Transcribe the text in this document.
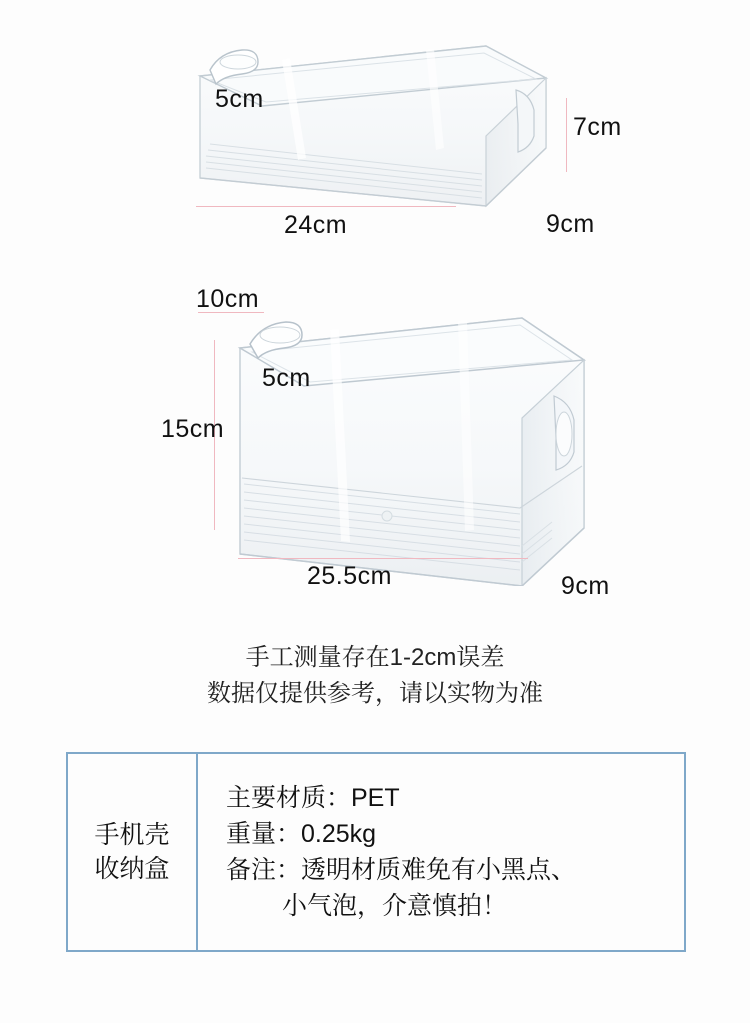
5cm
7cm
24cm	9cm
10cm
5cm
15cm
25.5cm	9cm
手工测量存在1-2cm误差
数据仅提供参考，请以实物为准
手机壳
收纳盒
主要材质：PET
重量：0.25kg
备注：透明材质难免有小黑点、
小气泡，介意慎拍！
